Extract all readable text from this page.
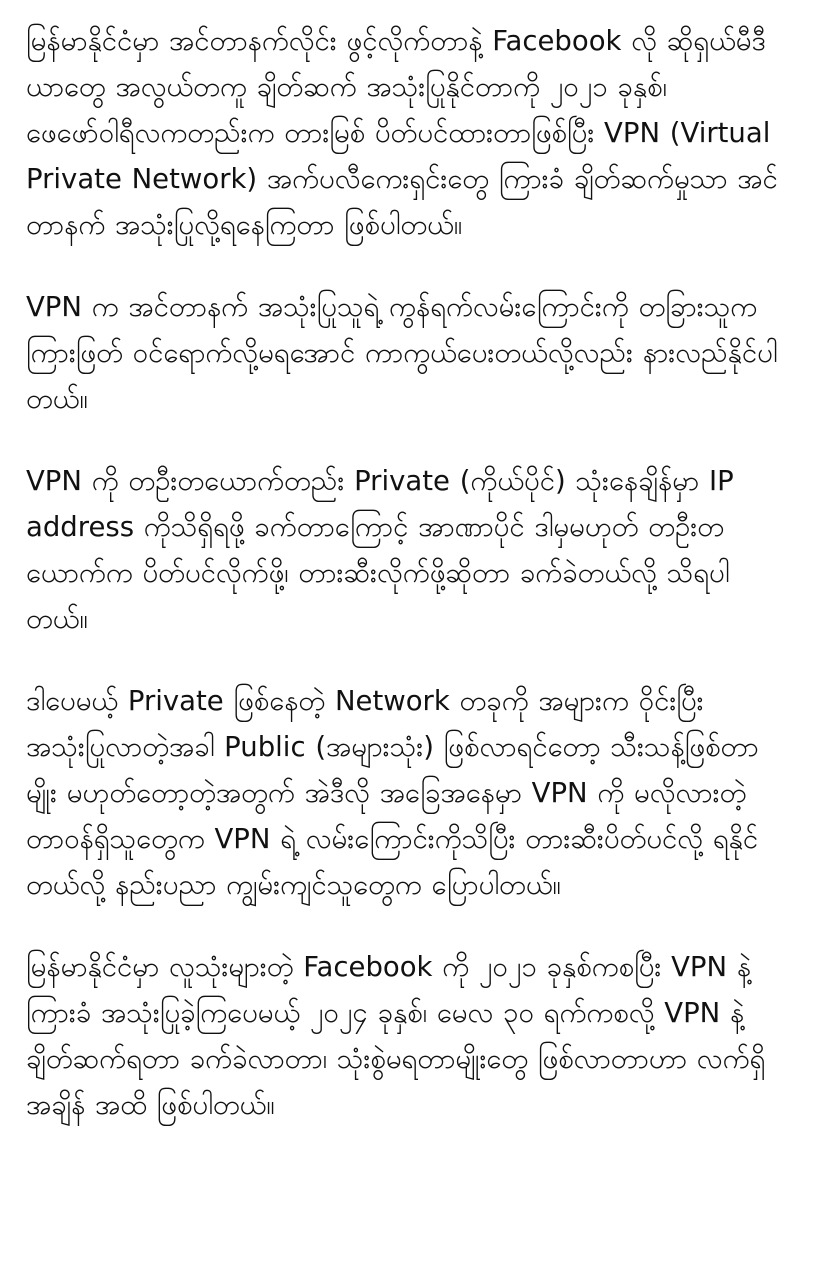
မြန်မာနိုင်ငံမှာ အင်တာနက်လိုင်း ဖွင့်လိုက်တာနဲ့ Facebook လို ဆိုရှယ်မီဒီယာတွေ အလွယ်တကူ ချိတ်ဆက် အသုံးပြုနိုင်တာကို ၂၀၂၁ ခုနှစ်၊ ဖေဖော်ဝါရီလကတည်းက တားမြစ် ပိတ်ပင်ထားတာဖြစ်ပြီး VPN (Virtual Private Network) အက်ပလီကေးရှင်းတွေ ကြားခံ ချိတ်ဆက်မှုသာ အင်တာနက် အသုံးပြုလို့ရနေကြတာ ဖြစ်ပါတယ်။

VPN က အင်တာနက် အသုံးပြုသူရဲ့ ကွန်ရက်လမ်းကြောင်းကို တခြားသူက ကြားဖြတ် ဝင်ရောက်လို့မရအောင် ကာကွယ်ပေးတယ်လို့လည်း နားလည်နိုင်ပါတယ်။

VPN ကို တဦးတယောက်တည်း Private (ကိုယ်ပိုင်) သုံးနေချိန်မှာ IP address ကိုသိရှိရဖို့ ခက်တာကြောင့် အာဏာပိုင် ဒါမှမဟုတ် တဦးတယောက်က ပိတ်ပင်လိုက်ဖို့၊ တားဆီးလိုက်ဖို့ဆိုတာ ခက်ခဲတယ်လို့ သိရပါတယ်။

ဒါပေမယ့် Private ဖြစ်နေတဲ့ Network တခုကို အများက ဝိုင်းပြီး အသုံးပြုလာတဲ့အခါ Public (အများသုံး) ဖြစ်လာရင်တော့ သီးသန့်ဖြစ်တာမျိုး မဟုတ်တော့တဲ့အတွက် အဲဒီလို အခြေအနေမှာ VPN ကို မလိုလားတဲ့ တာဝန်ရှိသူတွေက VPN ရဲ့ လမ်းကြောင်းကိုသိပြီး တားဆီးပိတ်ပင်လို့ ရနိုင်တယ်လို့ နည်းပညာ ကျွမ်းကျင်သူတွေက ပြောပါတယ်။

မြန်မာနိုင်ငံမှာ လူသုံးများတဲ့ Facebook ကို ၂၀၂၁ ခုနှစ်ကစပြီး VPN နဲ့ ကြားခံ အသုံးပြုခဲ့ကြပေမယ့် ၂၀၂၄ ခုနှစ်၊ မေလ ၃၀ ရက်ကစလို့ VPN နဲ့ချိတ်ဆက်ရတာ ခက်ခဲလာတာ၊ သုံးစွဲမရတာမျိုးတွေ ဖြစ်လာတာဟာ လက်ရှိအချိန် အထိ ဖြစ်ပါတယ်။
